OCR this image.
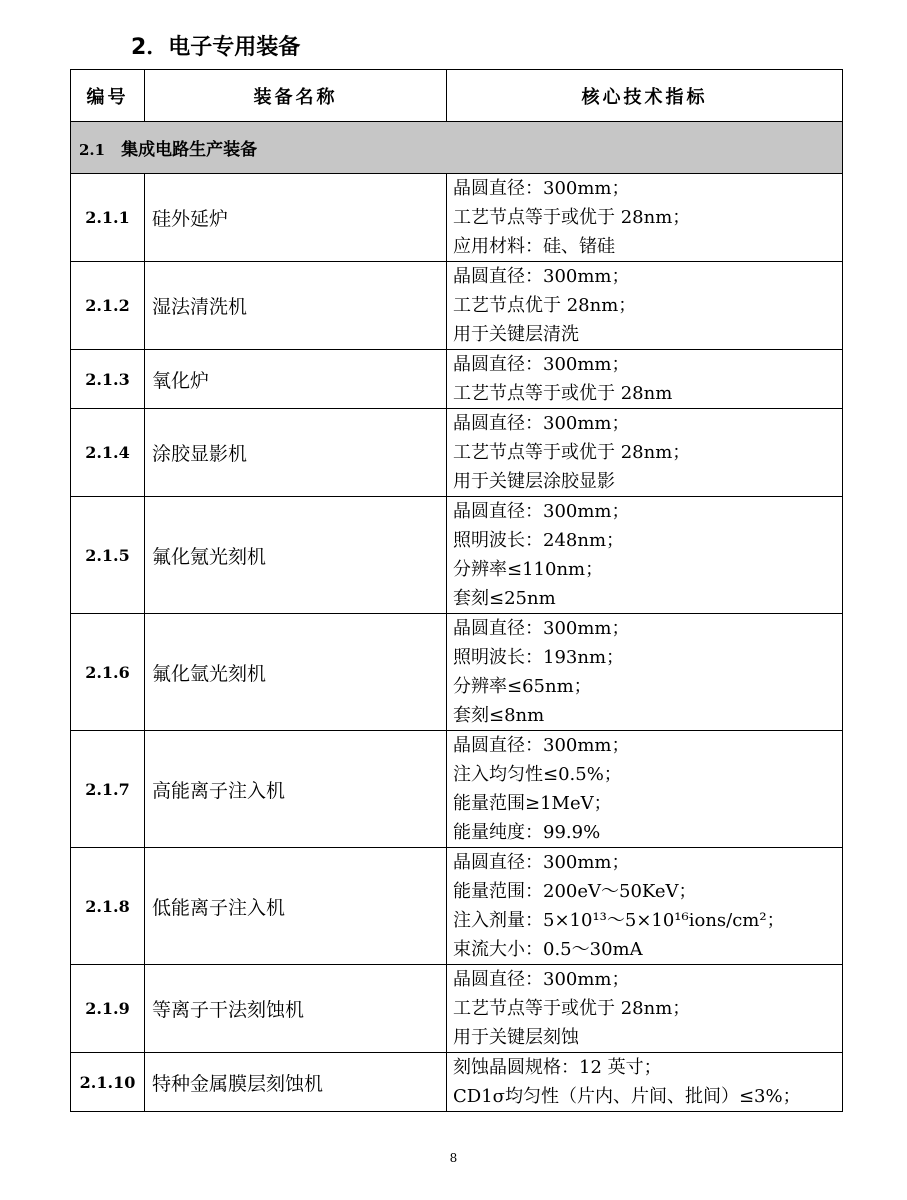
2．电子专用装备
编号	装备名称	核心技术指标
2.1 集成电路生产装备		
2.1.1	硅外延炉	晶圆直径：300mm；
工艺节点等于或优于 28nm；
应用材料：硅、锗硅

2.1.2	湿法清洗机	晶圆直径：300mm；
工艺节点优于 28nm；
用于关键层清洗

2.1.3	氧化炉	晶圆直径：300mm；
工艺节点等于或优于 28nm

2.1.4	涂胶显影机	晶圆直径：300mm；
工艺节点等于或优于 28nm；
用于关键层涂胶显影

2.1.5	氟化氪光刻机	晶圆直径：300mm；
照明波长：248nm；
分辨率≤110nm；
套刻≤25nm

2.1.6	氟化氩光刻机	晶圆直径：300mm；
照明波长：193nm；
分辨率≤65nm；
套刻≤8nm

2.1.7	高能离子注入机	晶圆直径：300mm；
注入均匀性≤0.5%；
能量范围≥1MeV；
能量纯度：99.9%

2.1.8	低能离子注入机	晶圆直径：300mm；
能量范围：200eV～50KeV；
注入剂量：5×10¹³～5×10¹⁶ions/cm²；
束流大小：0.5～30mA

2.1.9	等离子干法刻蚀机	晶圆直径：300mm；
工艺节点等于或优于 28nm；
用于关键层刻蚀

2.1.10	特种金属膜层刻蚀机	刻蚀晶圆规格：12 英寸；
CD1σ均匀性（片内、片间、批间）≤3%；
8
